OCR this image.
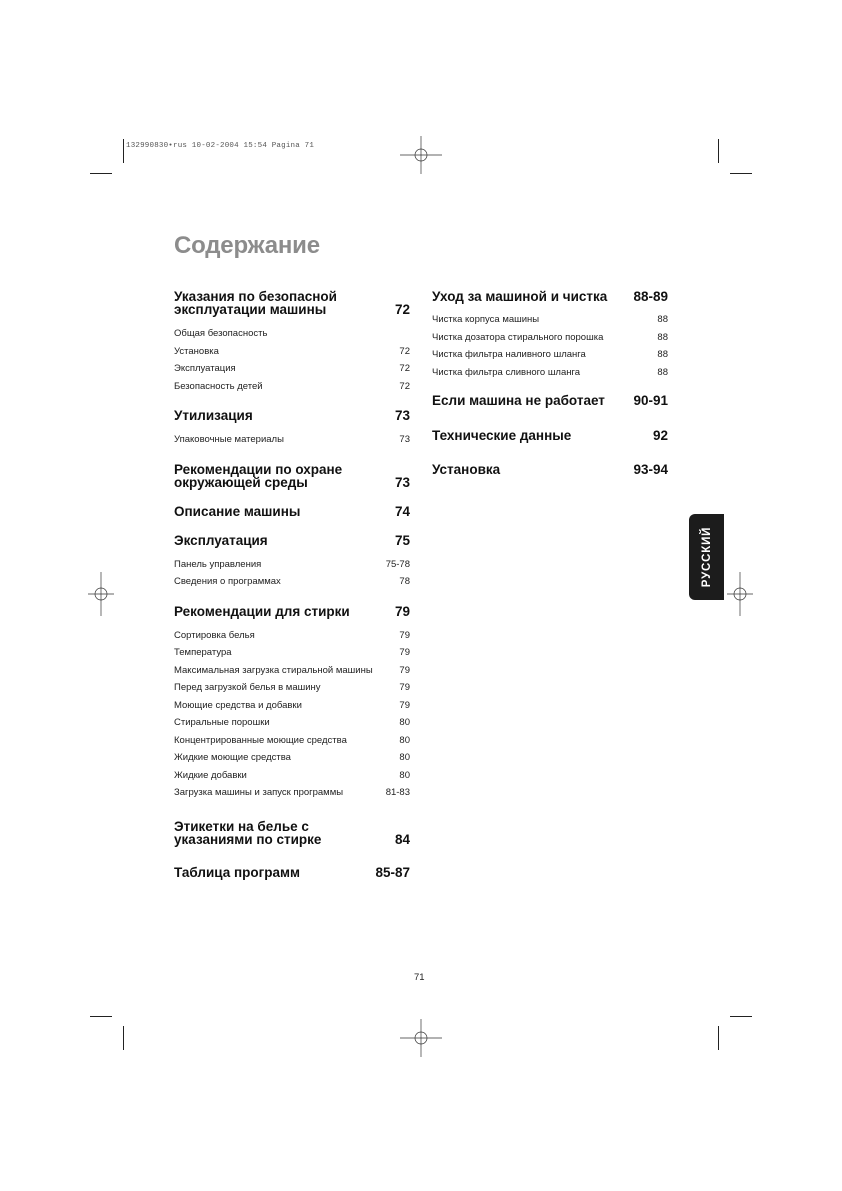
132990830•rus 10-02-2004 15:54 Pagina 71
Содержание
Указания по безопасной
эксплуатации машины	72
Общая безопасность
Установка	72
Эксплуатация	72
Безопасность детей	72
Утилизация	73
Упаковочные материалы	73
Рекомендации по охране
окружающей среды	73
Описание машины	74
Эксплуатация	75
Панель управления	75-78
Сведения о программах	78
Рекомендации для стирки	79
Сортировка белья	79
Температура	79
Максимальная загрузка стиральной машины	79
Перед загрузкой белья в машину	79
Моющие средства и добавки	79
Стиральные порошки	80
Концентрированные моющие средства	80
Жидкие моющие средства	80
Жидкие добавки	80
Загрузка машины и запуск программы	81-83
Этикетки на белье с
указаниями по стирке	84
Таблица программ	85-87
Уход за машиной и чистка 88-89
Чистка корпуса машины	88
Чистка дозатора стирального порошка	88
Чистка фильтра наливного шланга	88
Чистка фильтра сливного шланга	88
Если машина не работает 90-91
Технические данные	92
Установка	93-94
РУССКИЙ
71
